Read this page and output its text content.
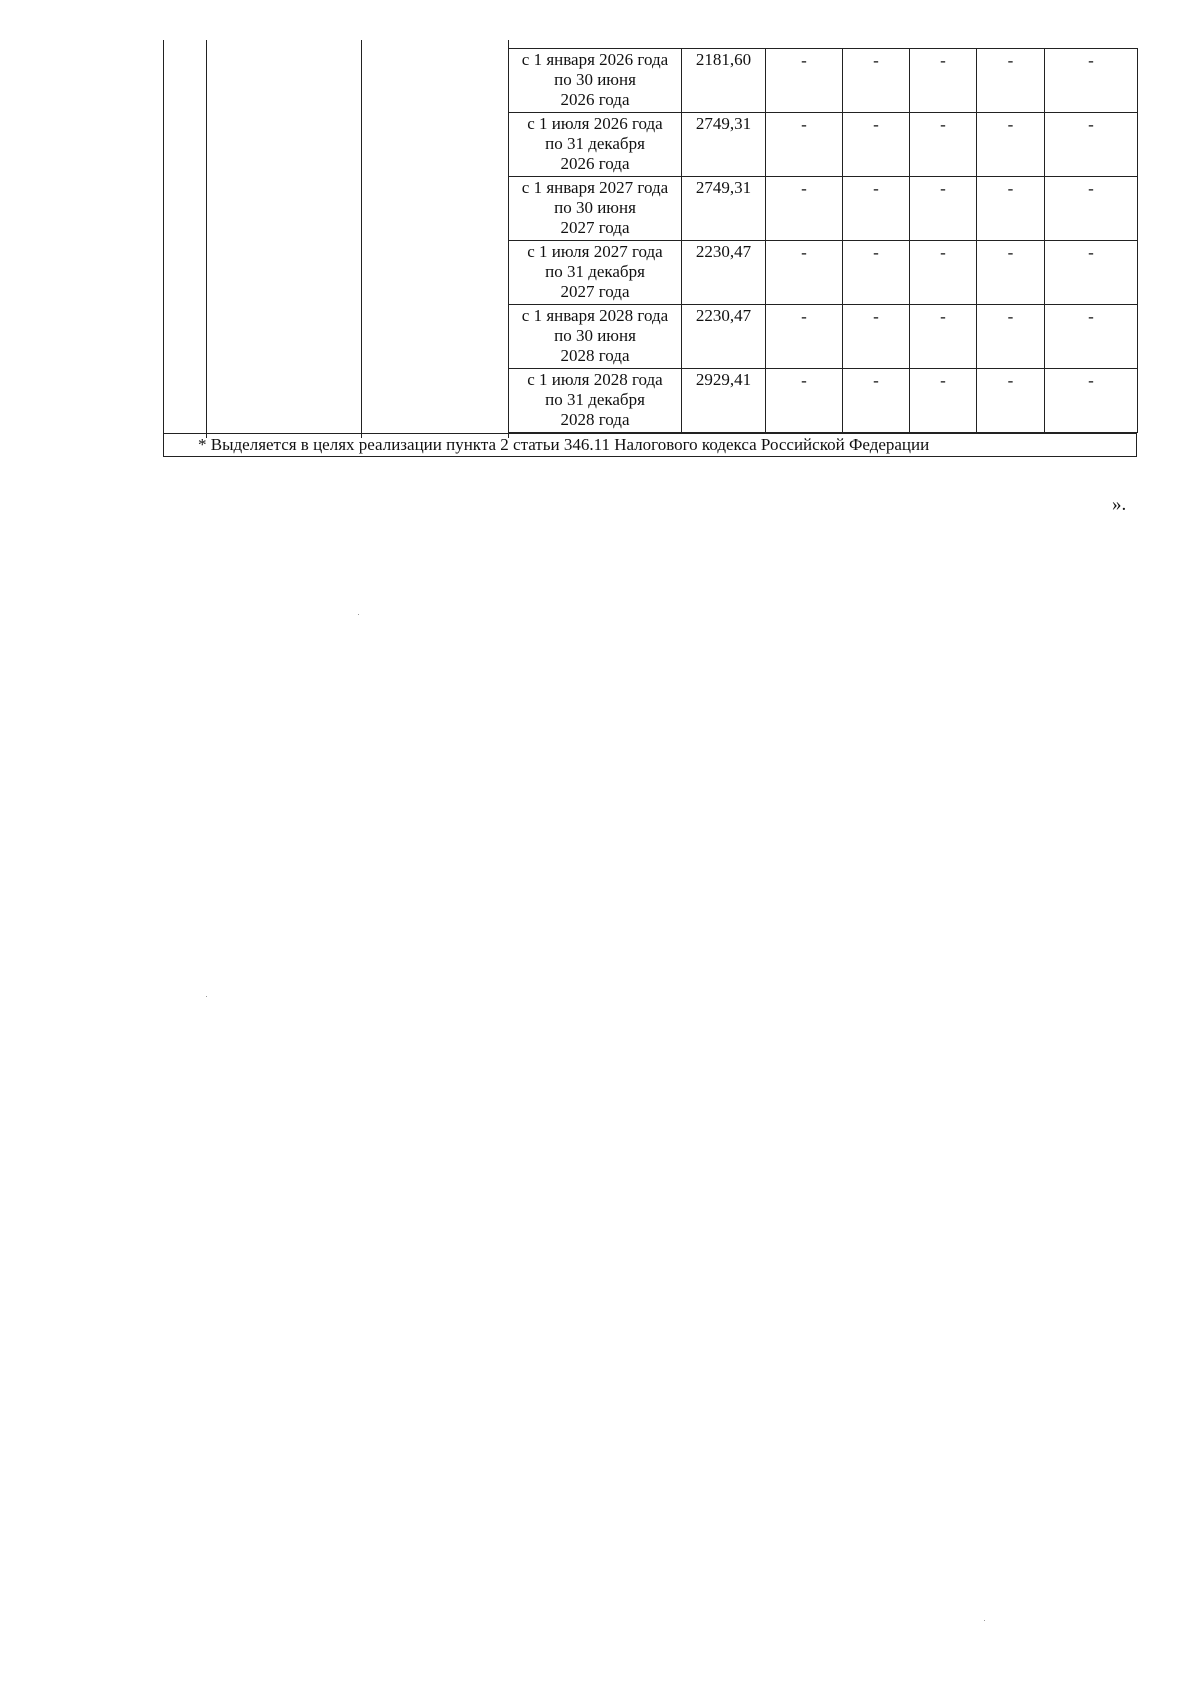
с 1 января 2026 года
по 30 июня
2026 года	2181,60	-	-	-	-	-

с 1 июля 2026 года
по 31 декабря
2026 года	2749,31	-	-	-	-	-

с 1 января 2027 года
по 30 июня
2027 года	2749,31	-	-	-	-	-

с 1 июля 2027 года
по 31 декабря
2027 года	2230,47	-	-	-	-	-

с 1 января 2028 года
по 30 июня
2028 года	2230,47	-	-	-	-	-

с 1 июля 2028 года
по 31 декабря
2028 года	2929,41	-	-	-	-	-
* Выделяется в целях реализации пункта 2 статьи 346.11 Налогового кодекса Российской Федерации
».
